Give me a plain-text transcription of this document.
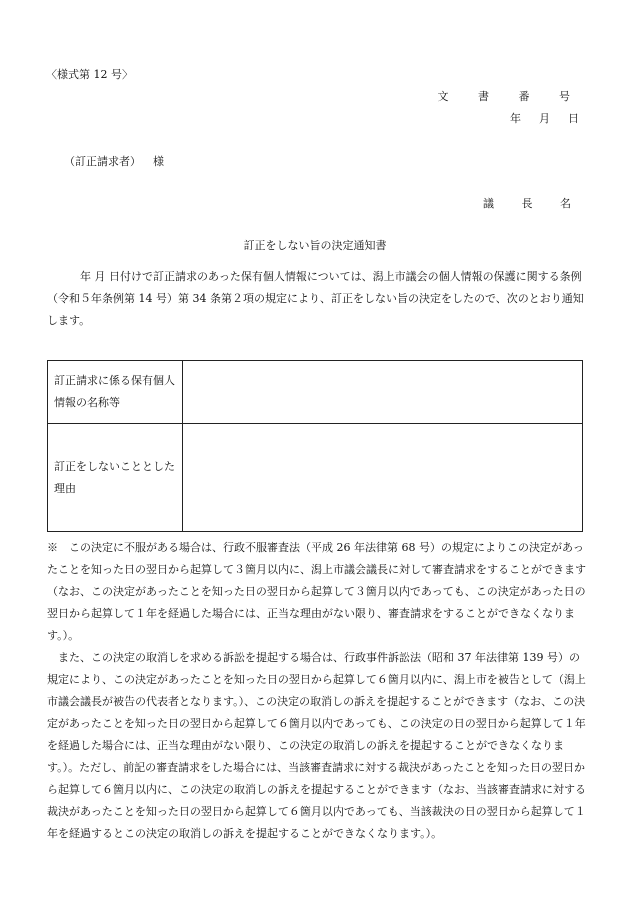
〈様式第 12 号〉
文 書 番 号
年 月 日
（訂正請求者） 様
議 長 名
訂正をしない旨の決定通知書
年 月 日付けで訂正請求のあった保有個人情報については、潟上市議会の個人情報の保護に関する条例（令和５年条例第 14 号）第 34 条第２項の規定により、訂正をしない旨の決定をしたので、次のとおり通知します。
訂正請求に係る保有個人情報の名称等	
訂正をしないこととした理由	

※　この決定に不服がある場合は、行政不服審査法（平成 26 年法律第 68 号）の規定によりこの決定があったことを知った日の翌日から起算して３箇月以内に、潟上市議会議長に対して審査請求をすることができます（なお、この決定があったことを知った日の翌日から起算して３箇月以内であっても、この決定があった日の翌日から起算して１年を経過した場合には、正当な理由がない限り、審査請求をすることができなくなります。）。

また、この決定の取消しを求める訴訟を提起する場合は、行政事件訴訟法（昭和 37 年法律第 139 号）の規定により、この決定があったことを知った日の翌日から起算して６箇月以内に、潟上市を被告として（潟上市議会議長が被告の代表者となります。）、この決定の取消しの訴えを提起することができます（なお、この決定があったことを知った日の翌日から起算して６箇月以内であっても、この決定の日の翌日から起算して１年を経過した場合には、正当な理由がない限り、この決定の取消しの訴えを提起することができなくなります。）。ただし、前記の審査請求をした場合には、当該審査請求に対する裁決があったことを知った日の翌日から起算して６箇月以内に、この決定の取消しの訴えを提起することができます（なお、当該審査請求に対する裁決があったことを知った日の翌日から起算して６箇月以内であっても、当該裁決の日の翌日から起算して１年を経過するとこの決定の取消しの訴えを提起することができなくなります。）。
